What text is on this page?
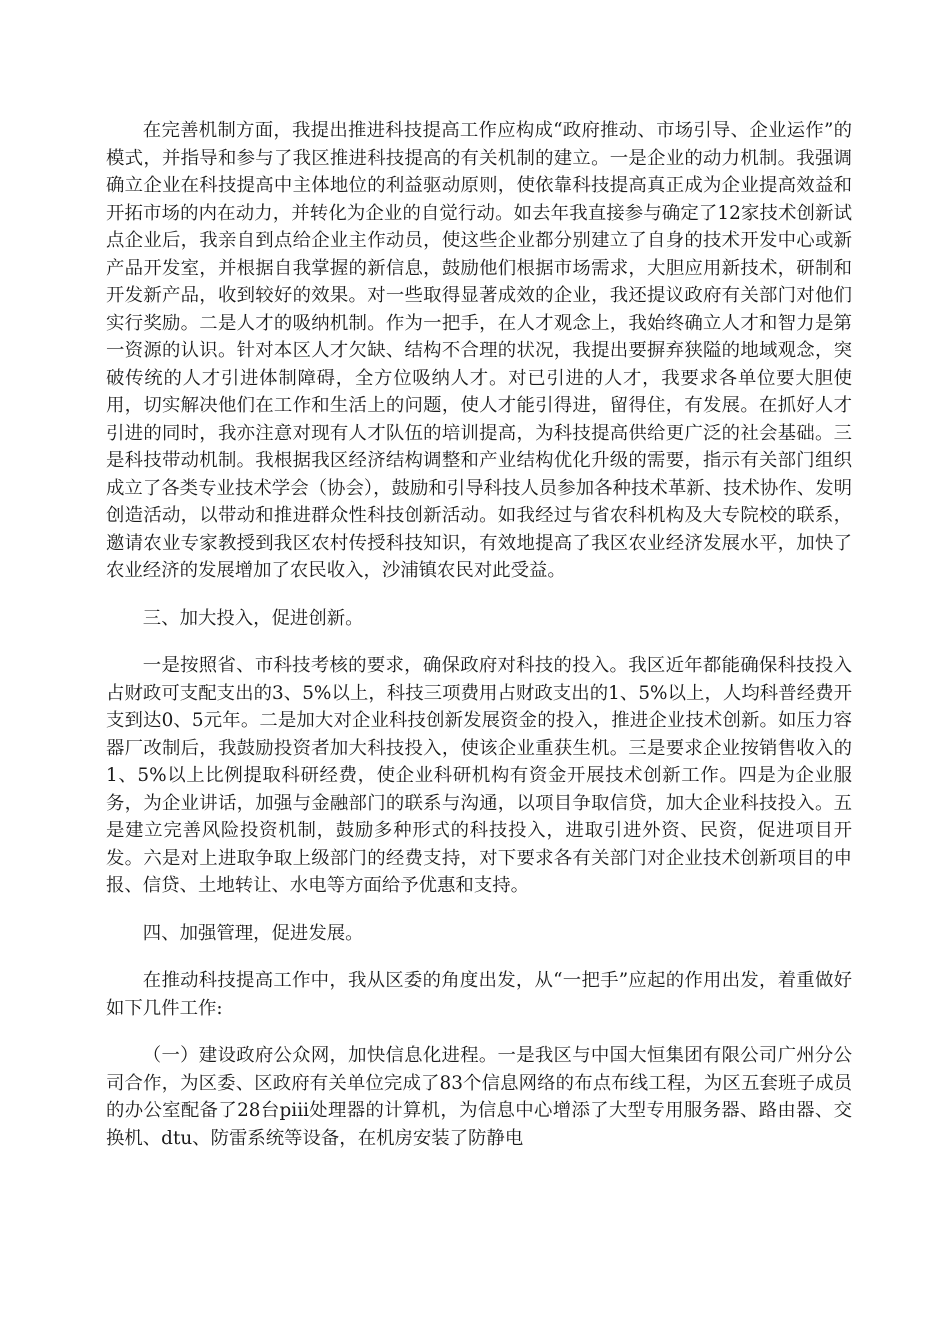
在完善机制方面，我提出推进科技提高工作应构成“政府推动、市场引导、企业运作”的模式，并指导和参与了我区推进科技提高的有关机制的建立。一是企业的动力机制。我强调确立企业在科技提高中主体地位的利益驱动原则，使依靠科技提高真正成为企业提高效益和开拓市场的内在动力，并转化为企业的自觉行动。如去年我直接参与确定了12家技术创新试点企业后，我亲自到点给企业主作动员，使这些企业都分别建立了自身的技术开发中心或新产品开发室，并根据自我掌握的新信息，鼓励他们根据市场需求，大胆应用新技术，研制和开发新产品，收到较好的效果。对一些取得显著成效的企业，我还提议政府有关部门对他们实行奖励。二是人才的吸纳机制。作为一把手，在人才观念上，我始终确立人才和智力是第一资源的认识。针对本区人才欠缺、结构不合理的状况，我提出要摒弃狭隘的地域观念，突破传统的人才引进体制障碍，全方位吸纳人才。对已引进的人才，我要求各单位要大胆使用，切实解决他们在工作和生活上的问题，使人才能引得进，留得住，有发展。在抓好人才引进的同时，我亦注意对现有人才队伍的培训提高，为科技提高供给更广泛的社会基础。三是科技带动机制。我根据我区经济结构调整和产业结构优化升级的需要，指示有关部门组织成立了各类专业技术学会（协会），鼓励和引导科技人员参加各种技术革新、技术协作、发明创造活动，以带动和推进群众性科技创新活动。如我经过与省农科机构及大专院校的联系，邀请农业专家教授到我区农村传授科技知识，有效地提高了我区农业经济发展水平，加快了农业经济的发展增加了农民收入，沙浦镇农民对此受益。

三、加大投入，促进创新。

一是按照省、市科技考核的要求，确保政府对科技的投入。我区近年都能确保科技投入占财政可支配支出的3、5%以上，科技三项费用占财政支出的1、5%以上，人均科普经费开支到达0、5元年。二是加大对企业科技创新发展资金的投入，推进企业技术创新。如压力容器厂改制后，我鼓励投资者加大科技投入，使该企业重获生机。三是要求企业按销售收入的1、5%以上比例提取科研经费，使企业科研机构有资金开展技术创新工作。四是为企业服务，为企业讲话，加强与金融部门的联系与沟通，以项目争取信贷，加大企业科技投入。五是建立完善风险投资机制，鼓励多种形式的科技投入，进取引进外资、民资，促进项目开发。六是对上进取争取上级部门的经费支持，对下要求各有关部门对企业技术创新项目的申报、信贷、土地转让、水电等方面给予优惠和支持。

四、加强管理，促进发展。

在推动科技提高工作中，我从区委的角度出发，从“一把手”应起的作用出发，着重做好如下几件工作:

（一）建设政府公众网，加快信息化进程。一是我区与中国大恒集团有限公司广州分公司合作，为区委、区政府有关单位完成了83个信息网络的布点布线工程，为区五套班子成员的办公室配备了28台piii处理器的计算机，为信息中心增添了大型专用服务器、路由器、交换机、dtu、防雷系统等设备，在机房安装了防静电
